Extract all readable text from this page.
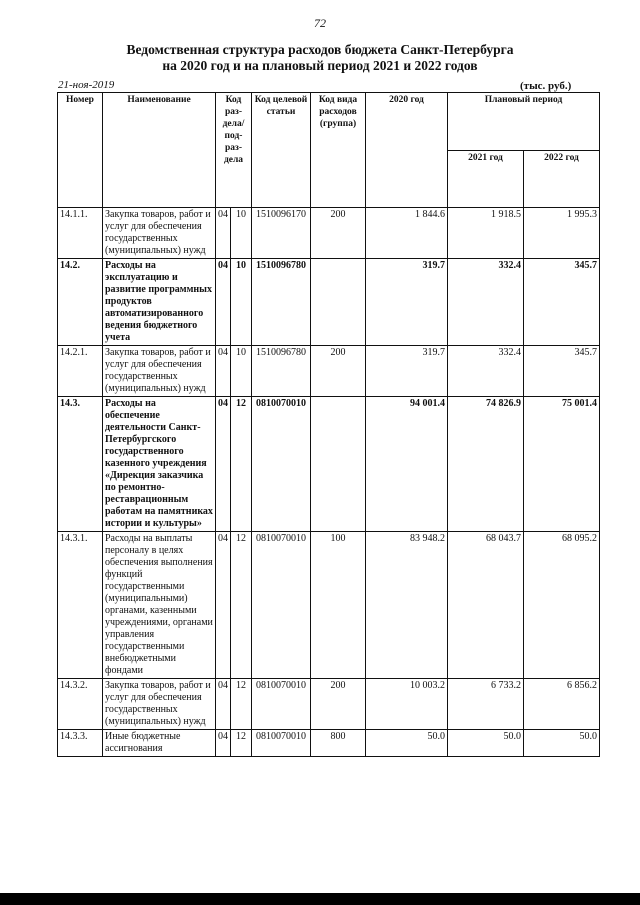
72
Ведомственная структура расходов бюджета Санкт-Петербурга
на 2020 год и на плановый период 2021 и 2022 годов
21-ноя-2019	(тыс. руб.)
Номер	Наименование	Код раз- дела/ под- раз- дела		Код целевой статьи	Код вида расходов (группа)	2020 год	Плановый период	
							2021 год	2022 год
14.1.1.	Закупка товаров, работ и услуг для обеспечения государственных (муниципальных) нужд	04	10	1510096170	200	1 844.6	1 918.5	1 995.3
14.2.	Расходы на эксплуатацию и развитие программных продуктов автоматизированного ведения бюджетного учета	04	10	1510096780		319.7	332.4	345.7
14.2.1.	Закупка товаров, работ и услуг для обеспечения государственных (муниципальных) нужд	04	10	1510096780	200	319.7	332.4	345.7
14.3.	Расходы на обеспечение деятельности Санкт-Петербургского государственного казенного учреждения «Дирекция заказчика по ремонтно-реставрационным работам на памятниках истории и культуры»	04	12	0810070010		94 001.4	74 826.9	75 001.4
14.3.1.	Расходы на выплаты персоналу в целях обеспечения выполнения функций государственными (муниципальными) органами, казенными учреждениями, органами управления государственными внебюджетными фондами	04	12	0810070010	100	83 948.2	68 043.7	68 095.2
14.3.2.	Закупка товаров, работ и услуг для обеспечения государственных (муниципальных) нужд	04	12	0810070010	200	10 003.2	6 733.2	6 856.2
14.3.3.	Иные бюджетные ассигнования	04	12	0810070010	800	50.0	50.0	50.0
